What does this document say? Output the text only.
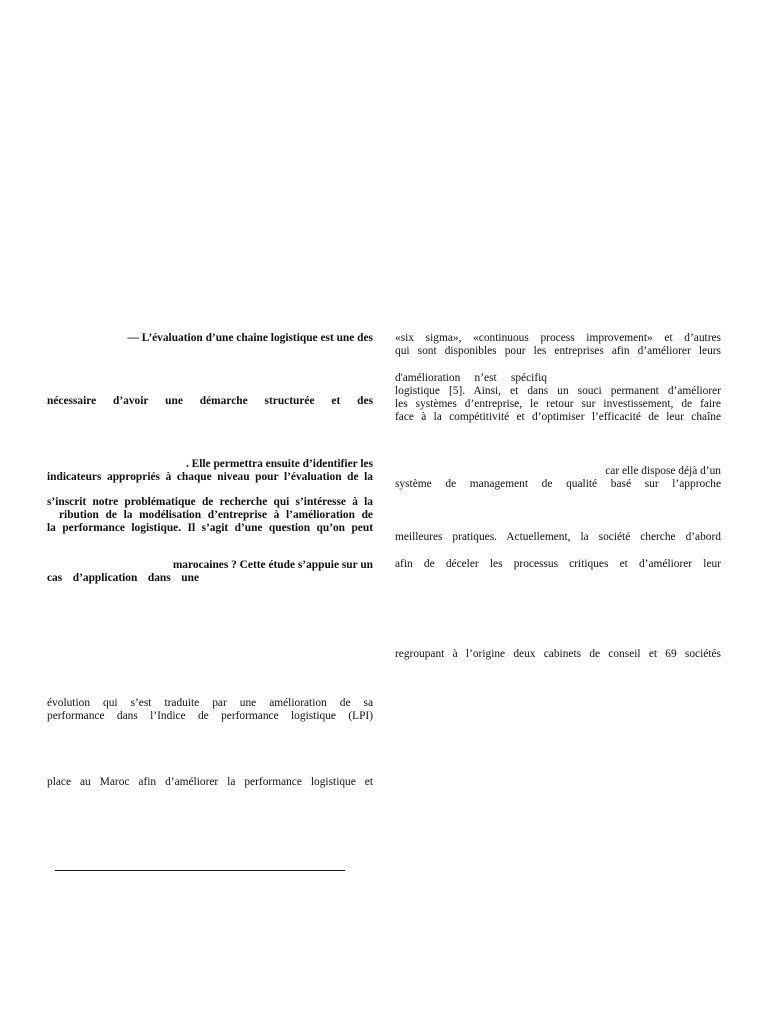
— L’évaluation d’une chaine logistique est une des
nécessaire d’avoir une démarche structurée et des
. Elle permettra ensuite d’identifier les
indicateurs appropriés à chaque niveau pour l’évaluation de la
s’inscrit notre problématique de recherche qui s’intéresse à la
ribution de la modélisation d’entreprise à l’amélioration de
la performance logistique. Il s’agit d’une question qu’on peut
marocaines ? Cette étude s’appuie sur un
cas d’application dans une
évolution qui s’est traduite par une amélioration de sa
performance dans l’Indice de performance logistique (LPI)
place au Maroc afin d’améliorer la performance logistique et
«six sigma», «continuous process improvement» et d’autres
qui sont disponibles pour les entreprises afin d’améliorer leurs
d'amélioration n’est spécifiq
logistique [5]. Ainsi, et dans un souci permanent d’améliorer
les systèmes d’entreprise, le retour sur investissement, de faire
face à la compétitivité et d’optimiser l’efficacité de leur chaîne
car elle dispose déjà d’un
système de management de qualité basé sur l’approche
meilleures pratiques. Actuellement, la société cherche d’abord
afin de déceler les processus critiques et d’améliorer leur
regroupant à l’origine deux cabinets de conseil et 69 sociétés
